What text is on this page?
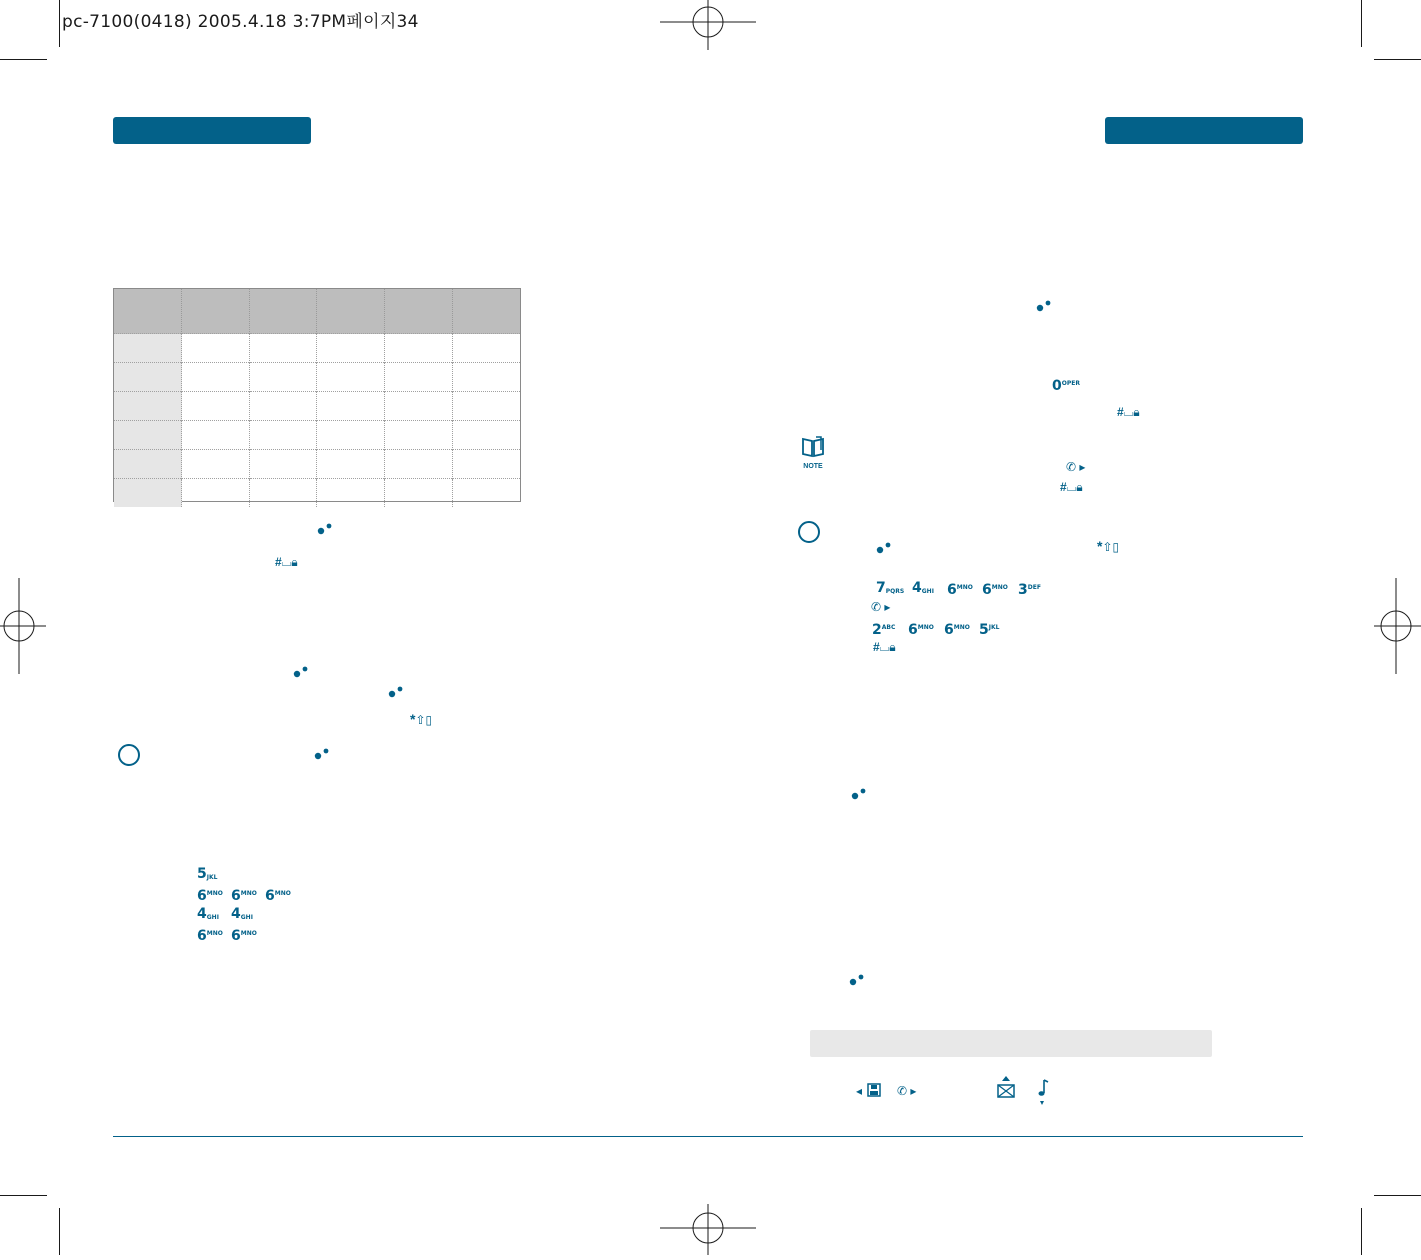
pc-7100(0418) 2005.4.18 3:7PM페이지34

#⌴🔒︎
*⇧▯
$5_{JKL}$
$6^{MNO}$ $6^{MNO}$ $6^{MNO}$
$4_{GHI}$ $4_{GHI}$
$6^{MNO}$ $6^{MNO}$
$0^{OPER}$
#⌴🔒︎
NOTE	✆ ▸
#⌴🔒︎
*⇧▯
$7_{PQRS}$ $4_{GHI}$ $6^{MNO}$ $6^{MNO}$ $3^{DEF}$
✆ ▸
$2^{ABC}$ $6^{MNO}$ $6^{MNO}$ $5^{JKL}$
#⌴🔒︎
◂	✆ ▸
